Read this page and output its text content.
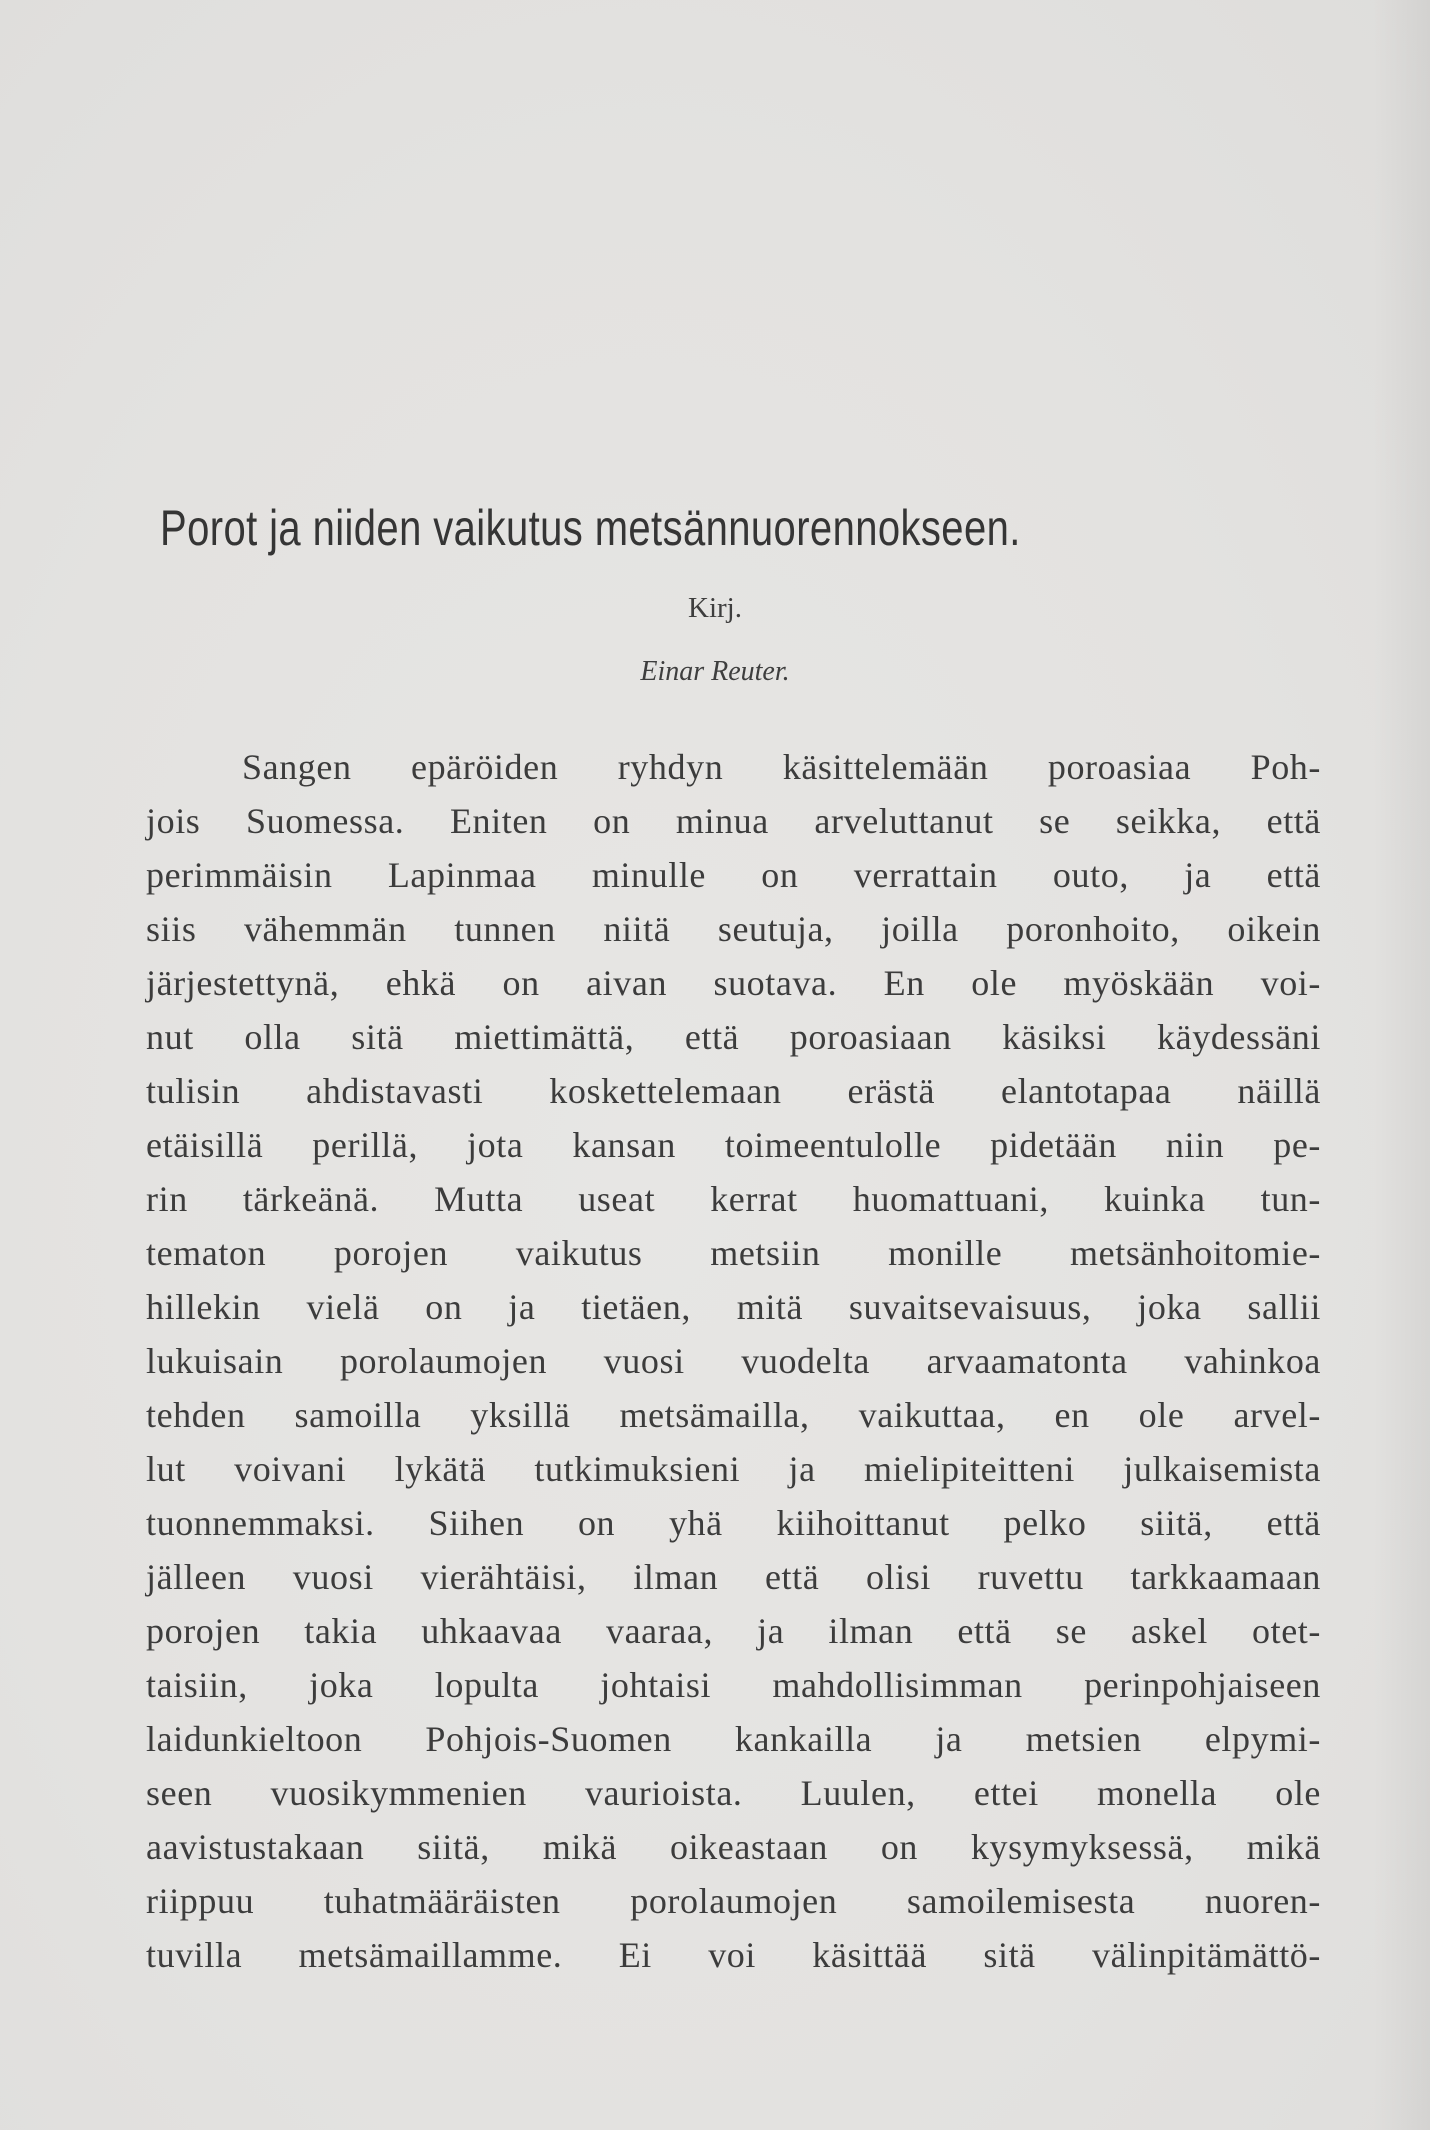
Porot ja niiden vaikutus metsännuorennokseen.
Kirj.
Einar Reuter.
Sangen epäröiden ryhdyn käsittelemään poroasiaa Poh-
jois Suomessa. Eniten on minua arveluttanut se seikka, että
perimmäisin Lapinmaa minulle on verrattain outo, ja että
siis vähemmän tunnen niitä seutuja, joilla poronhoito, oikein
järjestettynä, ehkä on aivan suotava. En ole myöskään voi-
nut olla sitä miettimättä, että poroasiaan käsiksi käydessäni
tulisin ahdistavasti koskettelemaan erästä elantotapaa näillä
etäisillä perillä, jota kansan toimeentulolle pidetään niin pe-
rin tärkeänä. Mutta useat kerrat huomattuani, kuinka tun-
tematon porojen vaikutus metsiin monille metsänhoitomie-
hillekin vielä on ja tietäen, mitä suvaitsevaisuus, joka sallii
lukuisain porolaumojen vuosi vuodelta arvaamatonta vahinkoa
tehden samoilla yksillä metsämailla, vaikuttaa, en ole arvel-
lut voivani lykätä tutkimuksieni ja mielipiteitteni julkaisemista
tuonnemmaksi. Siihen on yhä kiihoittanut pelko siitä, että
jälleen vuosi vierähtäisi, ilman että olisi ruvettu tarkkaamaan
porojen takia uhkaavaa vaaraa, ja ilman että se askel otet-
taisiin, joka lopulta johtaisi mahdollisimman perinpohjaiseen
laidunkieltoon Pohjois-Suomen kankailla ja metsien elpymi-
seen vuosikymmenien vaurioista. Luulen, ettei monella ole
aavistustakaan siitä, mikä oikeastaan on kysymyksessä, mikä
riippuu tuhatmääräisten porolaumojen samoilemisesta nuoren-
tuvilla metsämaillamme. Ei voi käsittää sitä välinpitämättö-
